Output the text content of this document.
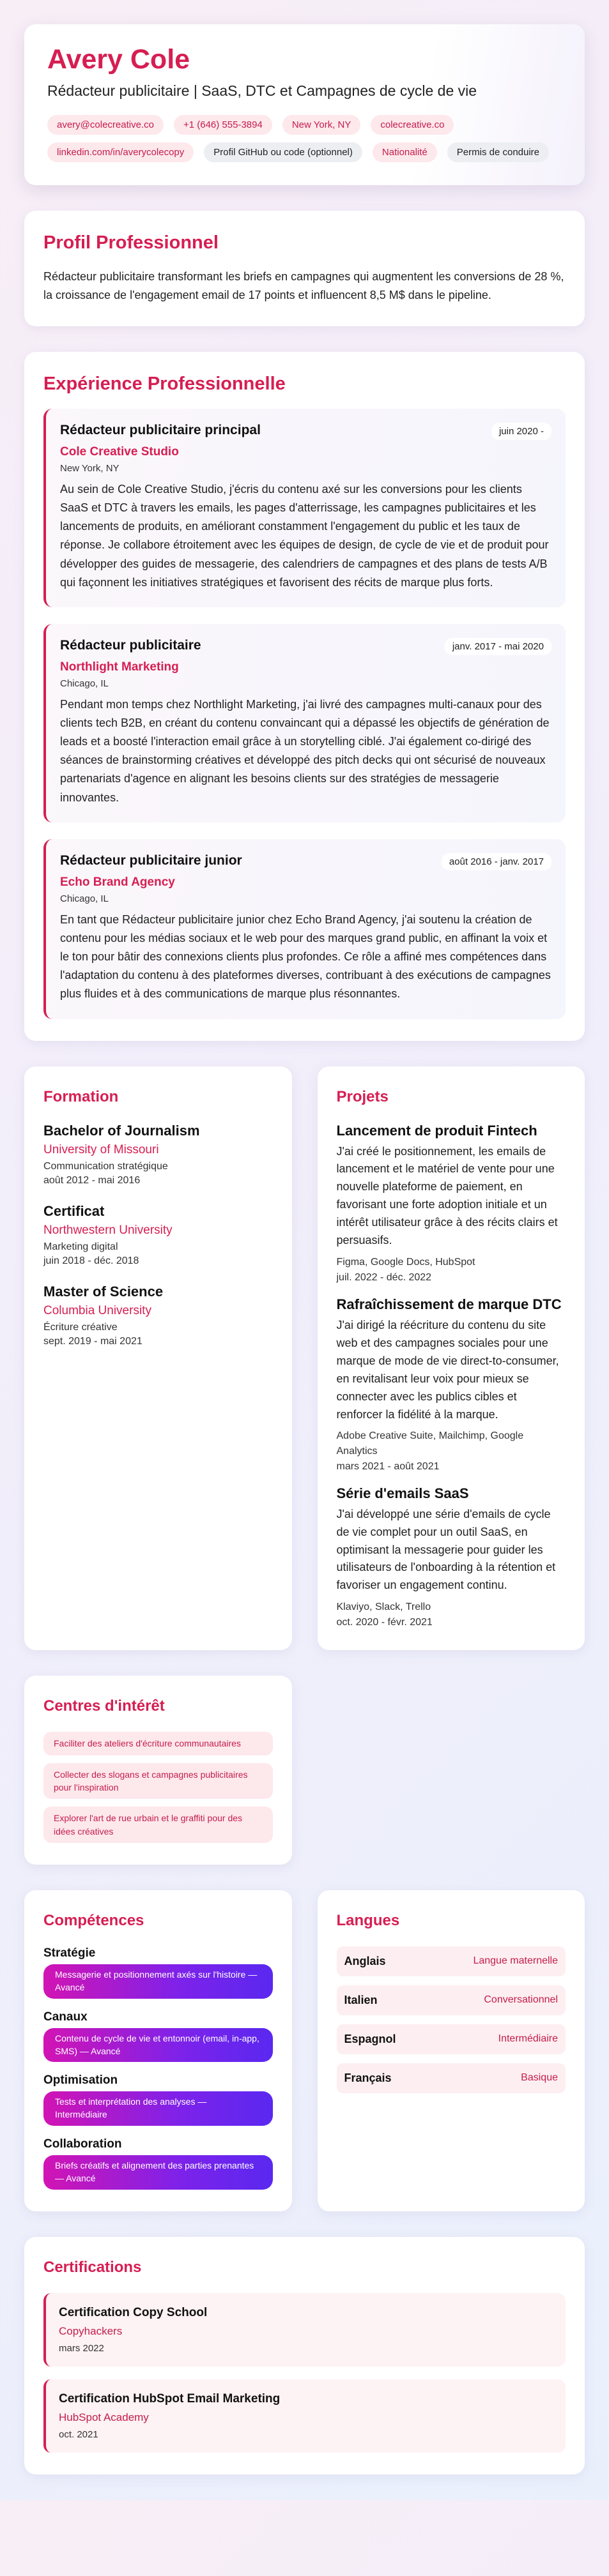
Avery Cole
Rédacteur publicitaire | SaaS, DTC et Campagnes de cycle de vie
avery@colecreative.co	+1 (646) 555-3894	New York, NY	colecreative.co
linkedin.com/in/averycolecopy	Profil GitHub ou code (optionnel)	Nationalité	Permis de conduire
Profil Professionnel
Rédacteur publicitaire transformant les briefs en campagnes qui augmentent les conversions de 28 %, la croissance de l'engagement email de 17 points et influencent 8,5 M$ dans le pipeline.
Expérience Professionnelle
Rédacteur publicitaire principal	juin 2020 -
Cole Creative Studio
New York, NY
Au sein de Cole Creative Studio, j'écris du contenu axé sur les conversions pour les clients SaaS et DTC à travers les emails, les pages d'atterrissage, les campagnes publicitaires et les lancements de produits, en améliorant constamment l'engagement du public et les taux de réponse. Je collabore étroitement avec les équipes de design, de cycle de vie et de produit pour développer des guides de messagerie, des calendriers de campagnes et des plans de tests A/B qui façonnent les initiatives stratégiques et favorisent des récits de marque plus forts.
Rédacteur publicitaire	janv. 2017 - mai 2020
Northlight Marketing
Chicago, IL
Pendant mon temps chez Northlight Marketing, j'ai livré des campagnes multi-canaux pour des clients tech B2B, en créant du contenu convaincant qui a dépassé les objectifs de génération de leads et a boosté l'interaction email grâce à un storytelling ciblé. J'ai également co-dirigé des séances de brainstorming créatives et développé des pitch decks qui ont sécurisé de nouveaux partenariats d'agence en alignant les besoins clients sur des stratégies de messagerie innovantes.
Rédacteur publicitaire junior	août 2016 - janv. 2017
Echo Brand Agency
Chicago, IL
En tant que Rédacteur publicitaire junior chez Echo Brand Agency, j'ai soutenu la création de contenu pour les médias sociaux et le web pour des marques grand public, en affinant la voix et le ton pour bâtir des connexions clients plus profondes. Ce rôle a affiné mes compétences dans l'adaptation du contenu à des plateformes diverses, contribuant à des exécutions de campagnes plus fluides et à des communications de marque plus résonnantes.
Formation
Bachelor of Journalism
University of Missouri
Communication stratégique
août 2012 - mai 2016
Certificat
Northwestern University
Marketing digital
juin 2018 - déc. 2018
Master of Science
Columbia University
Écriture créative
sept. 2019 - mai 2021
Projets
Lancement de produit Fintech
J'ai créé le positionnement, les emails de lancement et le matériel de vente pour une nouvelle plateforme de paiement, en favorisant une forte adoption initiale et un intérêt utilisateur grâce à des récits clairs et persuasifs.
Figma, Google Docs, HubSpot
juil. 2022 - déc. 2022
Rafraîchissement de marque DTC
J'ai dirigé la réécriture du contenu du site web et des campagnes sociales pour une marque de mode de vie direct-to-consumer, en revitalisant leur voix pour mieux se connecter avec les publics cibles et renforcer la fidélité à la marque.
Adobe Creative Suite, Mailchimp, Google Analytics
mars 2021 - août 2021
Série d'emails SaaS
J'ai développé une série d'emails de cycle de vie complet pour un outil SaaS, en optimisant la messagerie pour guider les utilisateurs de l'onboarding à la rétention et favoriser un engagement continu.
Klaviyo, Slack, Trello
oct. 2020 - févr. 2021
Centres d'intérêt
Faciliter des ateliers d'écriture communautaires
Collecter des slogans et campagnes publicitaires pour l'inspiration
Explorer l'art de rue urbain et le graffiti pour des idées créatives
Compétences
Stratégie
Messagerie et positionnement axés sur l'histoire — Avancé
Canaux
Contenu de cycle de vie et entonnoir (email, in-app, SMS) — Avancé
Optimisation
Tests et interprétation des analyses — Intermédiaire
Collaboration
Briefs créatifs et alignement des parties prenantes — Avancé
Langues
Anglais	Langue maternelle
Italien	Conversationnel
Espagnol	Intermédiaire
Français	Basique
Certifications
Certification Copy School
Copyhackers
mars 2022
Certification HubSpot Email Marketing
HubSpot Academy
oct. 2021
